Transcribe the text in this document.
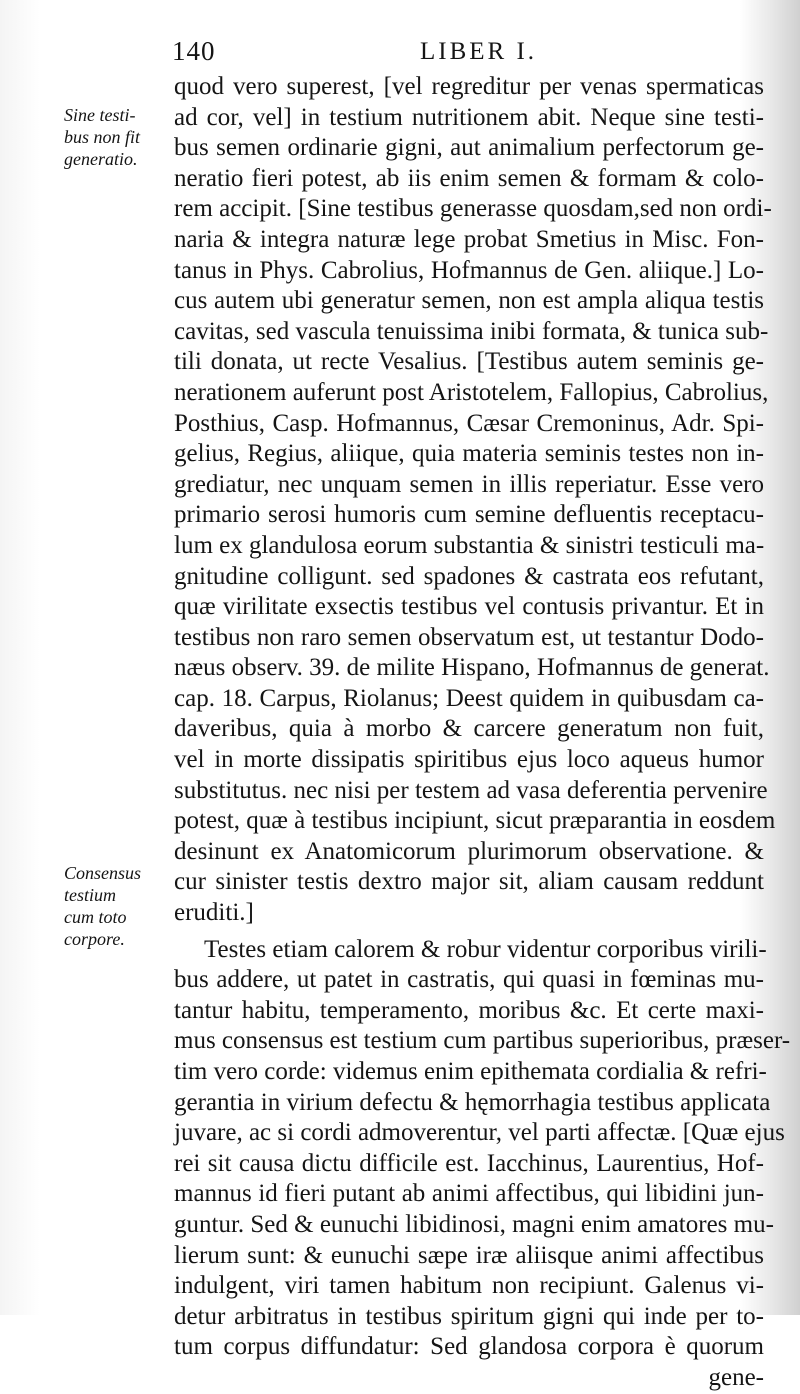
140	LIBER I.
Sine testi-
bus non fit
generatio.
Consensus
testium
cum toto
corpore.
quod vero superest, [vel regreditur per venas spermaticas
ad cor, vel] in testium nutritionem abit. Neque sine testi-
bus semen ordinarie gigni, aut animalium perfectorum ge-
neratio fieri potest, ab iis enim semen & formam & colo-
rem accipit. [Sine testibus generasse quosdam,sed non ordi-
naria & integra naturæ lege probat Smetius in Misc. Fon-
tanus in Phys. Cabrolius, Hofmannus de Gen. aliique.] Lo-
cus autem ubi generatur semen, non est ampla aliqua testis
cavitas, sed vascula tenuissima inibi formata, & tunica sub-
tili donata, ut recte Vesalius. [Testibus autem seminis ge-
nerationem auferunt post Aristotelem, Fallopius, Cabrolius,
Posthius, Casp. Hofmannus, Cæsar Cremoninus, Adr. Spi-
gelius, Regius, aliique, quia materia seminis testes non in-
grediatur, nec unquam semen in illis reperiatur. Esse vero
primario serosi humoris cum semine defluentis receptacu-
lum ex glandulosa eorum substantia & sinistri testiculi ma-
gnitudine colligunt. sed spadones & castrata eos refutant,
quæ virilitate exsectis testibus vel contusis privantur. Et in
testibus non raro semen observatum est, ut testantur Dodo-
næus observ. 39. de milite Hispano, Hofmannus de generat.
cap. 18. Carpus, Riolanus; Deest quidem in quibusdam ca-
daveribus, quia à morbo & carcere generatum non fuit,
vel in morte dissipatis spiritibus ejus loco aqueus humor
substitutus. nec nisi per testem ad vasa deferentia pervenire
potest, quæ à testibus incipiunt, sicut præparantia in eosdem
desinunt ex Anatomicorum plurimorum observatione. &
cur sinister testis dextro major sit, aliam causam reddunt
eruditi.]
Testes etiam calorem & robur videntur corporibus virili-
bus addere, ut patet in castratis, qui quasi in fœminas mu-
tantur habitu, temperamento, moribus &c. Et certe maxi-
mus consensus est testium cum partibus superioribus, præser-
tim vero corde: videmus enim epithemata cordialia & refri-
gerantia in virium defectu & hęmorrhagia testibus applicata
juvare, ac si cordi admoverentur, vel parti affectæ. [Quæ ejus
rei sit causa dictu difficile est. Iacchinus, Laurentius, Hof-
mannus id fieri putant ab animi affectibus, qui libidini jun-
guntur. Sed & eunuchi libidinosi, magni enim amatores mu-
lierum sunt: & eunuchi sæpe iræ aliisque animi affectibus
indulgent, viri tamen habitum non recipiunt. Galenus vi-
detur arbitratus in testibus spiritum gigni qui inde per to-
tum corpus diffundatur: Sed glandosa corpora è quorum
gene-
